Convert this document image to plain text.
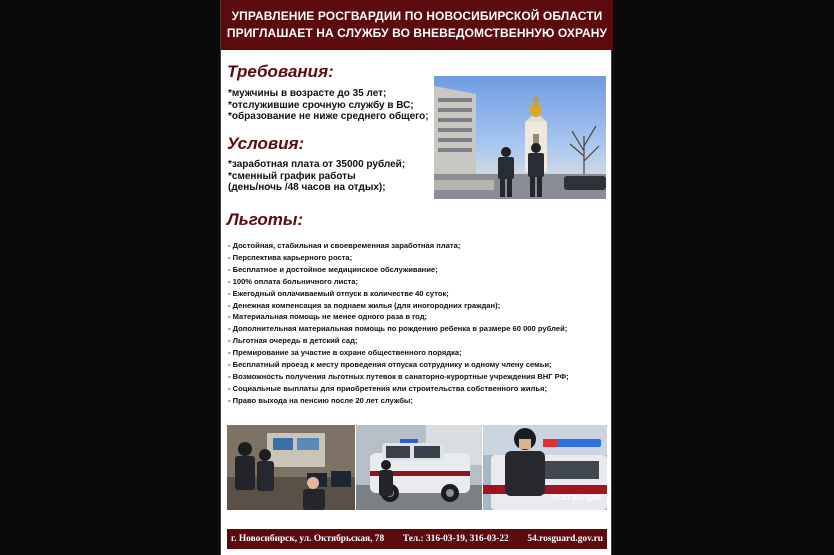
УПРАВЛЕНИЕ РОСГВАРДИИ ПО НОВОСИБИРСКОЙ ОБЛАСТИ
ПРИГЛАШАЕТ НА СЛУЖБУ ВО ВНЕВЕДОМСТВЕННУЮ ОХРАНУ
Требования:
*мужчины в возрасте до 35 лет;
*отслужившие срочную службу в ВС;
*образование не ниже среднего общего;
Условия:
*заработная плата от 35000 рублей;
*сменный график работы
(день/ночь /48 часов на отдых);
Льготы:
- Достойная, стабильная и своевременная заработная плата;
- Перспектива карьерного роста;
- Бесплатное и достойное медицинское обслуживание;
- 100% оплата больничного листа;
- Ежегодный оплачиваемый отпуск в количестве 40 суток;
- Денежная компенсация за поднаем жилья (для иногородних граждан);
- Материальная помощь не менее одного раза в год;
- Дополнительная материальная помощь по рождению ребенка в размере 60 000 рублей;
- Льготная очередь в детский сад;
- Премирование за участие в охране общественного порядка;
- Бесплатный проезд к месту проведения отпуска сотруднику и одному члену семьи;
- Возможность получения льготных путевок в санаторно-курортные учреждения ВНГ РФ;
- Социальные выплаты для приобретения или строительства собственного жилья;
- Право выхода на пенсию после 20 лет службы;
РОСГВАРДИЯ
г. Новосибирск, ул. Октябрьская, 78 Тел.: 316-03-19, 316-03-22 54.rosguard.gov.ru
